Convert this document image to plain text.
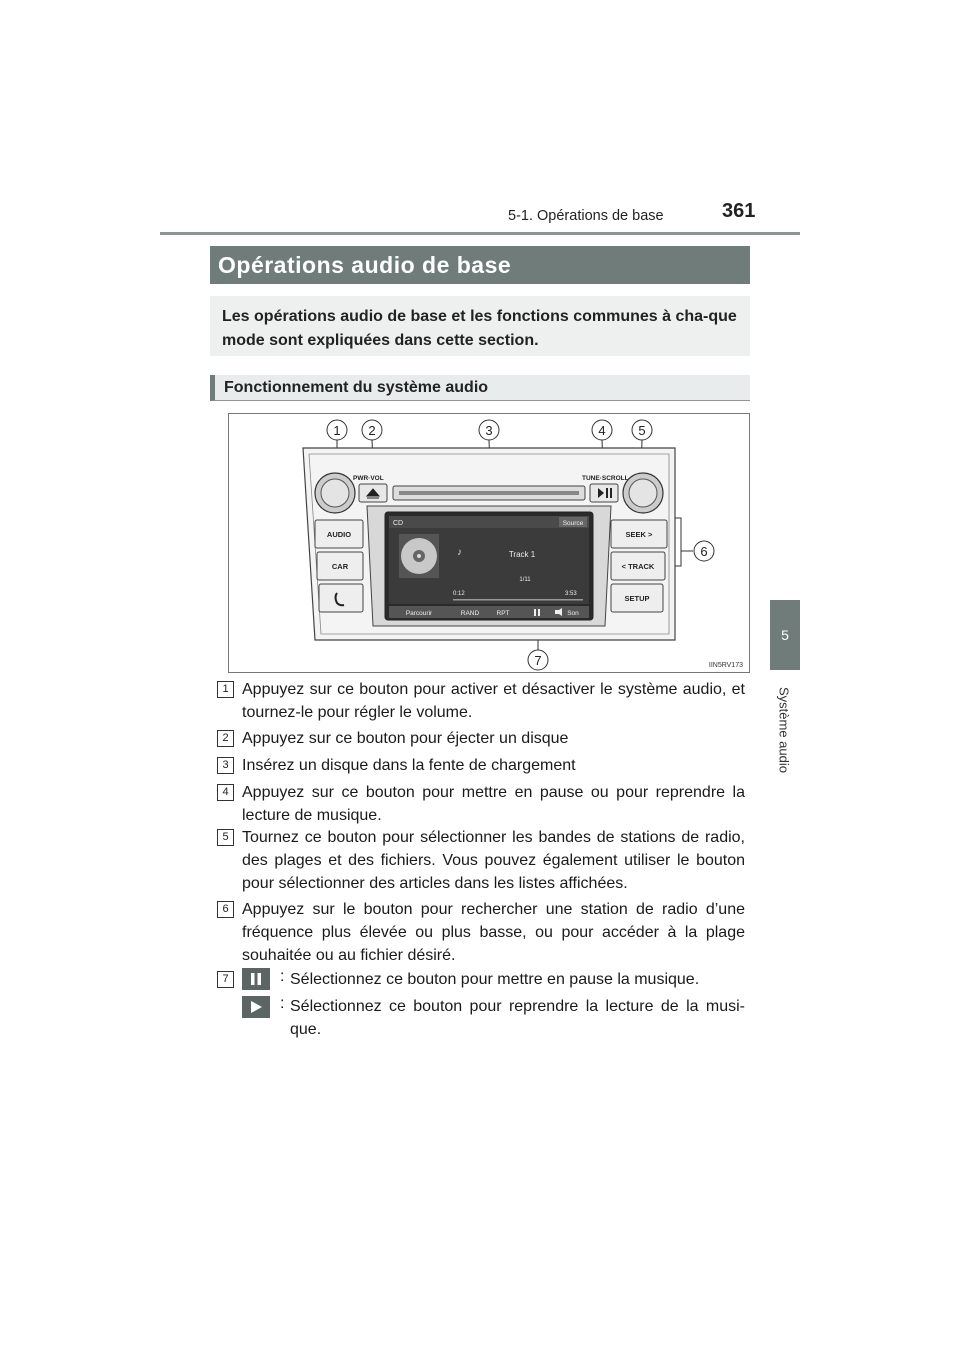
5-1. Opérations de base	361
5
Système audio
Opérations audio de base
Les opérations audio de base et les fonctions communes à cha-que mode sont expliquées dans cette section.
Fonctionnement du système audio
1 2	3	4	5
6
7
PWR·VOL	TUNE·SCROLL
AUDIO
CAR
SEEK >
< TRACK
SETUP
CD	Source
♪	Track 1
1/11
0:12	3:53
Parcourir	RAND	RPT	Son
IIN5RV173
1 Appuyez sur ce bouton pour activer et désactiver le système audio, et tournez-le pour régler le volume.
2 Appuyez sur ce bouton pour éjecter un disque
3 Insérez un disque dans la fente de chargement
4 Appuyez sur ce bouton pour mettre en pause ou pour reprendre la lecture de musique.
5 Tournez ce bouton pour sélectionner les bandes de stations de radio, des plages et des fichiers. Vous pouvez également utiliser le bouton pour sélectionner des articles dans les listes affichées.
6 Appuyez sur le bouton pour rechercher une station de radio d’une fréquence plus élevée ou plus basse, ou pour accéder à la plage souhaitée ou au fichier désiré.
7	: Sélectionnez ce bouton pour mettre en pause la musique.
: Sélectionnez ce bouton pour reprendre la lecture de la musi-que.
